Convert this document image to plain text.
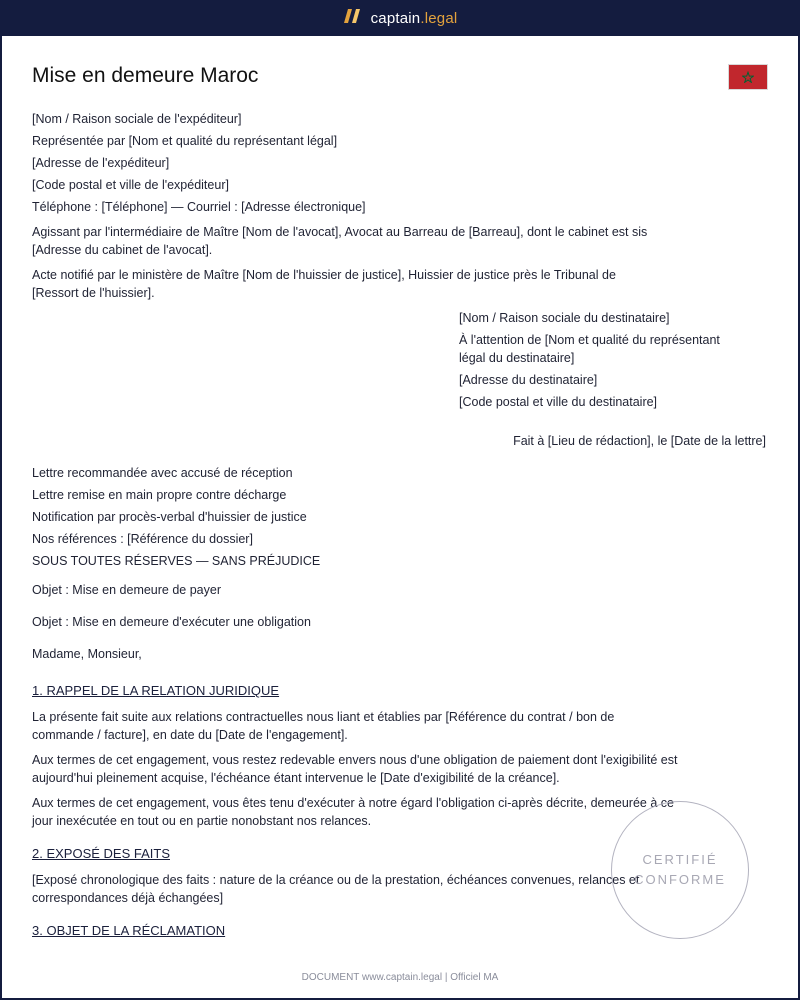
captain.legal
Mise en demeure Maroc
[Nom / Raison sociale de l'expéditeur]
Représentée par [Nom et qualité du représentant légal]
[Adresse de l'expéditeur]
[Code postal et ville de l'expéditeur]
Téléphone : [Téléphone] — Courriel : [Adresse électronique]
Agissant par l'intermédiaire de Maître [Nom de l'avocat], Avocat au Barreau de [Barreau], dont le cabinet est sis
[Adresse du cabinet de l'avocat].
Acte notifié par le ministère de Maître [Nom de l'huissier de justice], Huissier de justice près le Tribunal de
[Ressort de l'huissier].
[Nom / Raison sociale du destinataire]
À l'attention de [Nom et qualité du représentant
légal du destinataire]
[Adresse du destinataire]
[Code postal et ville du destinataire]
Fait à [Lieu de rédaction], le [Date de la lettre]
Lettre recommandée avec accusé de réception
Lettre remise en main propre contre décharge
Notification par procès-verbal d'huissier de justice
Nos références : [Référence du dossier]
SOUS TOUTES RÉSERVES — SANS PRÉJUDICE
Objet : Mise en demeure de payer
Objet : Mise en demeure d'exécuter une obligation
Madame, Monsieur,
1. RAPPEL DE LA RELATION JURIDIQUE
La présente fait suite aux relations contractuelles nous liant et établies par [Référence du contrat / bon de
commande / facture], en date du [Date de l'engagement].
Aux termes de cet engagement, vous restez redevable envers nous d'une obligation de paiement dont l'exigibilité est
aujourd'hui pleinement acquise, l'échéance étant intervenue le [Date d'exigibilité de la créance].
Aux termes de cet engagement, vous êtes tenu d'exécuter à notre égard l'obligation ci-après décrite, demeurée à ce
jour inexécutée en tout ou en partie nonobstant nos relances.
2. EXPOSÉ DES FAITS
[Exposé chronologique des faits : nature de la créance ou de la prestation, échéances convenues, relances et
correspondances déjà échangées]
3. OBJET DE LA RÉCLAMATION
CERTIFIÉ
CONFORME
DOCUMENT www.captain.legal | Officiel MA
